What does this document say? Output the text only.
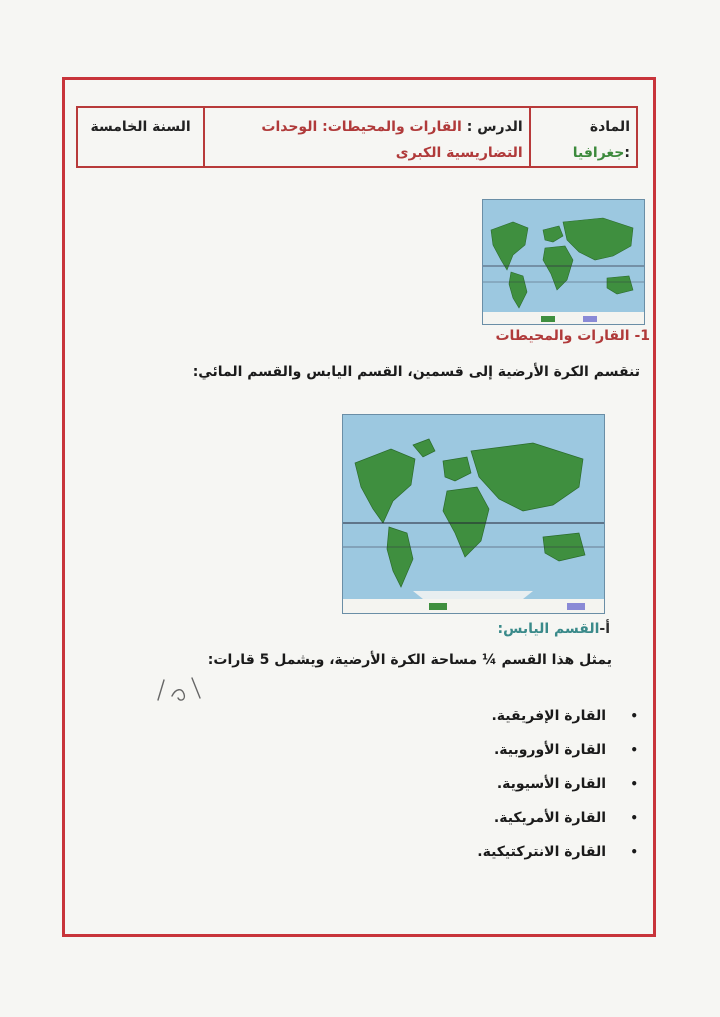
المادة :جغرافيا
الدرس : القارات والمحيطات: الوحدات التضاريسية الكبرى
السنة الخامسة
1- القارات والمحيطات
تنقسم الكرة الأرضية إلى قسمين، القسم اليابس والقسم المائي:
أ-القسم اليابس:
يمثل هذا القسم ¼ مساحة الكرة الأرضية، ويشمل 5 قارات:
• القارة الإفريقية.
• القارة الأوروبية.
• القارة الأسيوية.
• القارة الأمريكية.
• القارة الانتركتيكية.
